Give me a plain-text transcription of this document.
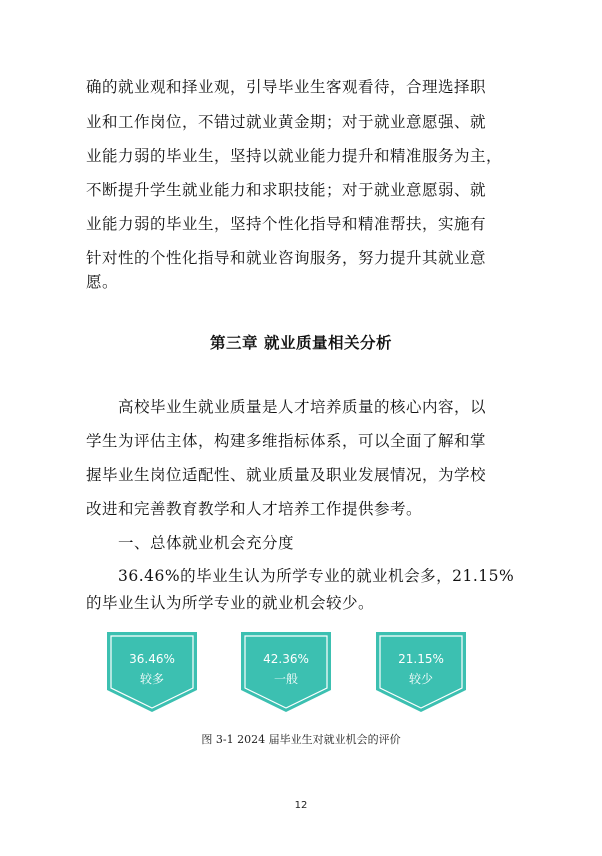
确的就业观和择业观，引导毕业生客观看待，合理选择职
业和工作岗位，不错过就业黄金期；对于就业意愿强、就
业能力弱的毕业生，坚持以就业能力提升和精准服务为主，
不断提升学生就业能力和求职技能；对于就业意愿弱、就
业能力弱的毕业生，坚持个性化指导和精准帮扶，实施有
针对性的个性化指导和就业咨询服务，努力提升其就业意
愿。
第三章 就业质量相关分析
高校毕业生就业质量是人才培养质量的核心内容，以
学生为评估主体，构建多维指标体系，可以全面了解和掌
握毕业生岗位适配性、就业质量及职业发展情况，为学校
改进和完善教育教学和人才培养工作提供参考。
一、总体就业机会充分度
36.46%的毕业生认为所学专业的就业机会多，21.15%
的毕业生认为所学专业的就业机会较少。
36.46%
较多
42.36%
一般
21.15%
较少
图 3-1 2024 届毕业生对就业机会的评价
12
